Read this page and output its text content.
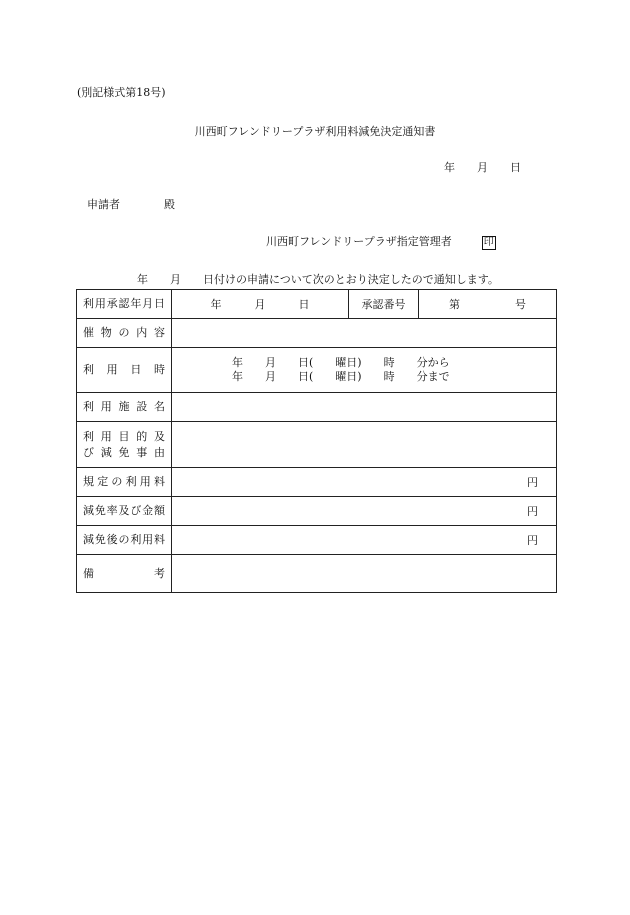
(別記様式第18号)
川西町フレンドリープラザ利用料減免決定通知書
年　　月　　日
申請者　　　　殿
川西町フレンドリープラザ指定管理者	印
年　　月　　日付けの申請について次のとおり決定したので通知します。
利用承認年月日	年　　　月　　　日	承認番号	第　　　　　号
催物の内容			
利用日時	年　　月　　日(　　曜日)　　時　　分から
年　　月　　日(　　曜日)　　時　　分まで		

利用施設名			

利用目的及
び減免事由			

規定の利用料	円		
減免率及び金額	円		
減免後の利用料	円		
備考			
